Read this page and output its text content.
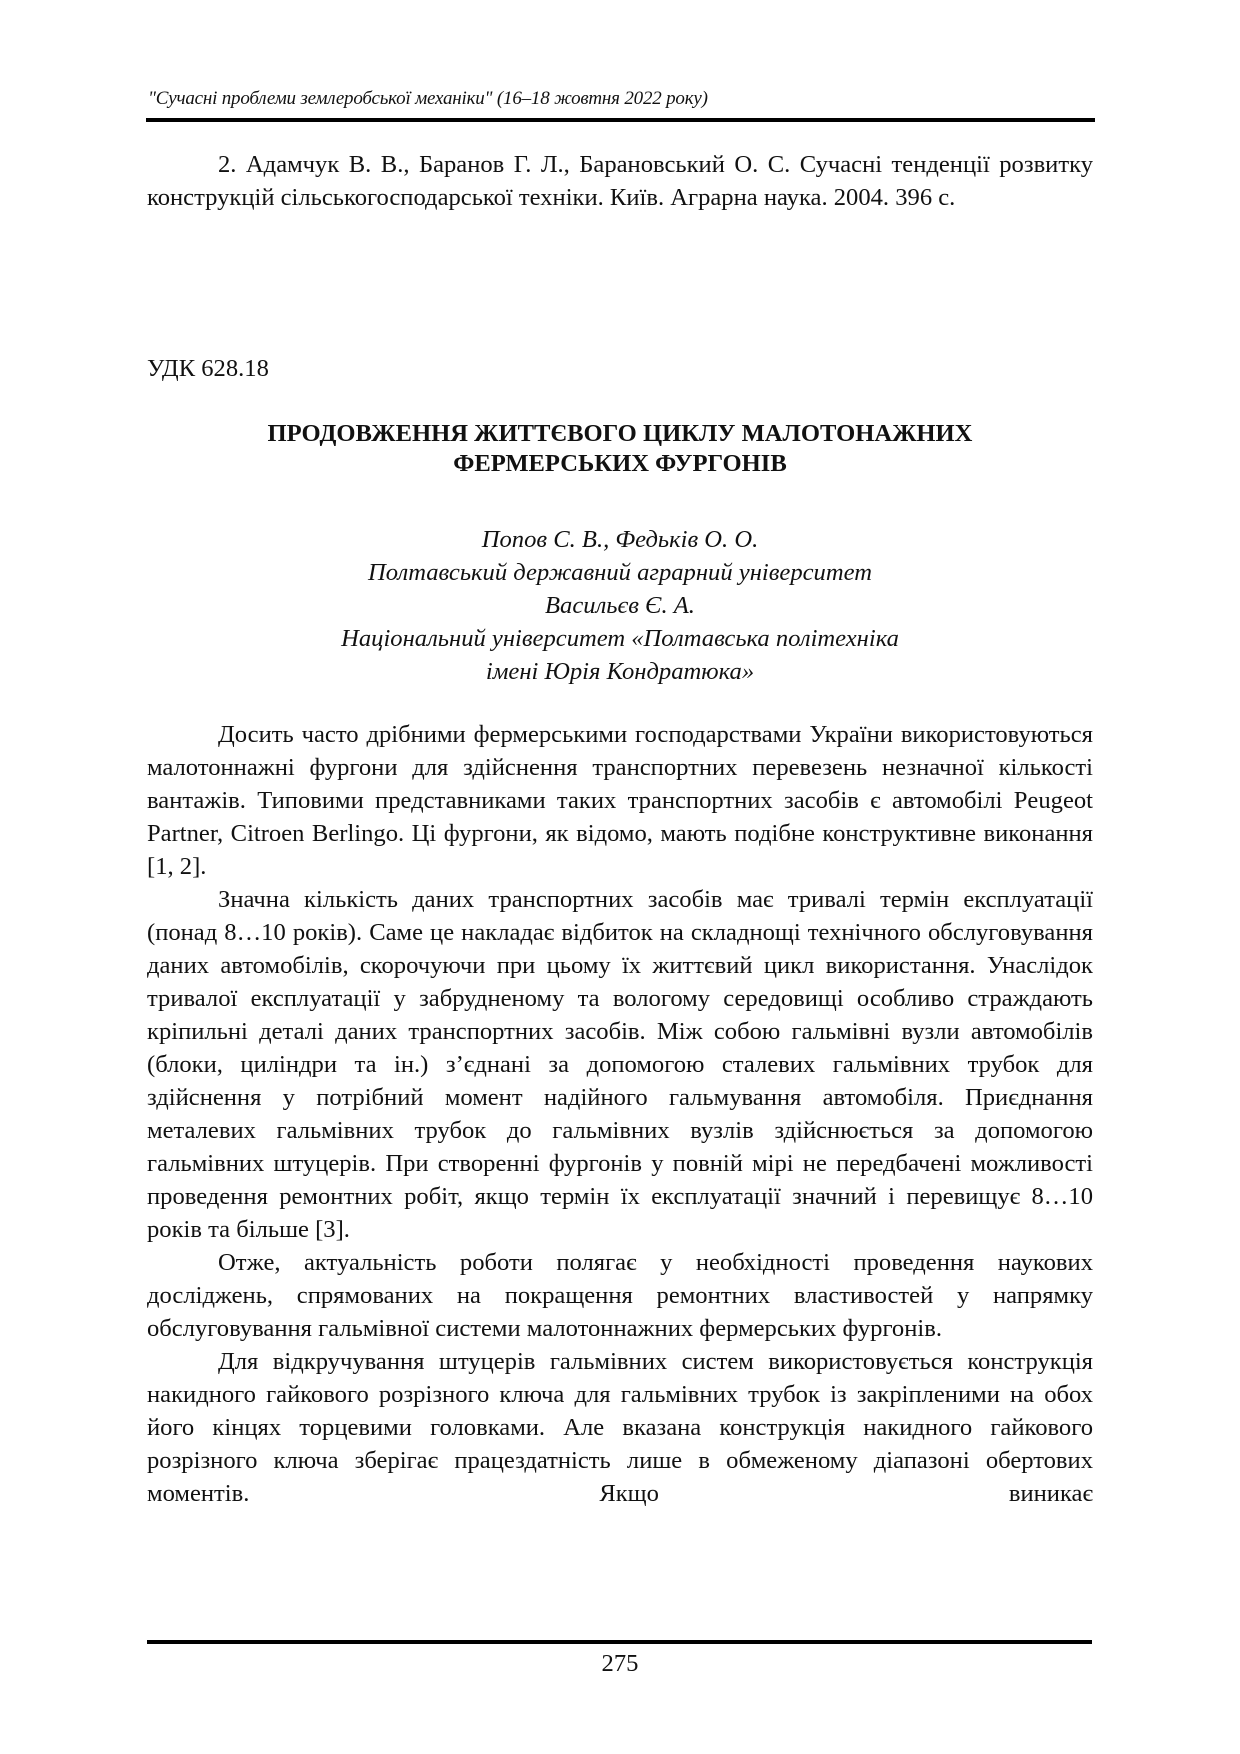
"Сучасні проблеми землеробської механіки" (16–18 жовтня 2022 року)
2. Адамчук В. В., Баранов Г. Л., Барановський О. С. Сучасні тенденції розвитку конструкцій сільськогосподарської техніки. Київ. Аграрна наука. 2004. 396 с.
УДК 628.18
ПРОДОВЖЕННЯ ЖИТТЄВОГО ЦИКЛУ МАЛОТОНАЖНИХ
ФЕРМЕРСЬКИХ ФУРГОНІВ
Попов С. В., Федьків О. О.
Полтавський державний аграрний університет
Васильєв Є. А.
Національний університет «Полтавська політехніка
імені Юрія Кондратюка»

Досить часто дрібними фермерськими господарствами України використовуються малотоннажні фургони для здійснення транспортних перевезень незначної кількості вантажів. Типовими представниками таких транспортних засобів є автомобілі Peugeot Partner, Citroen Berlingo. Ці фургони, як відомо, мають подібне конструктивне виконання [1, 2].

Значна кількість даних транспортних засобів має тривалі термін експлуатації (понад 8…10 років). Саме це накладає відбиток на складнощі технічного обслуговування даних автомобілів, скорочуючи при цьому їх життєвий цикл використання. Унаслідок тривалої експлуатації у забрудненому та вологому середовищі особливо страждають кріпильні деталі даних транспортних засобів. Між собою гальмівні вузли автомобілів (блоки, циліндри та ін.) з’єднані за допомогою сталевих гальмівних трубок для здійснення у потрібний момент надійного гальмування автомобіля. Приєднання металевих гальмівних трубок до гальмівних вузлів здійснюється за допомогою гальмівних штуцерів. При створенні фургонів у повній мірі не передбачені можливості проведення ремонтних робіт, якщо термін їх експлуатації значний і перевищує 8…10 років та більше [3].

Отже, актуальність роботи полягає у необхідності проведення наукових досліджень, спрямованих на покращення ремонтних властивостей у напрямку обслуговування гальмівної системи малотоннажних фермерських фургонів.

Для відкручування штуцерів гальмівних систем використовується конструкція накидного гайкового розрізного ключа для гальмівних трубок із закріпленими на обох його кінцях торцевими головками. Але вказана конструкція накидного гайкового розрізного ключа зберігає працездатність лише в обмеженому діапазоні обертових моментів. Якщо виникає

275
